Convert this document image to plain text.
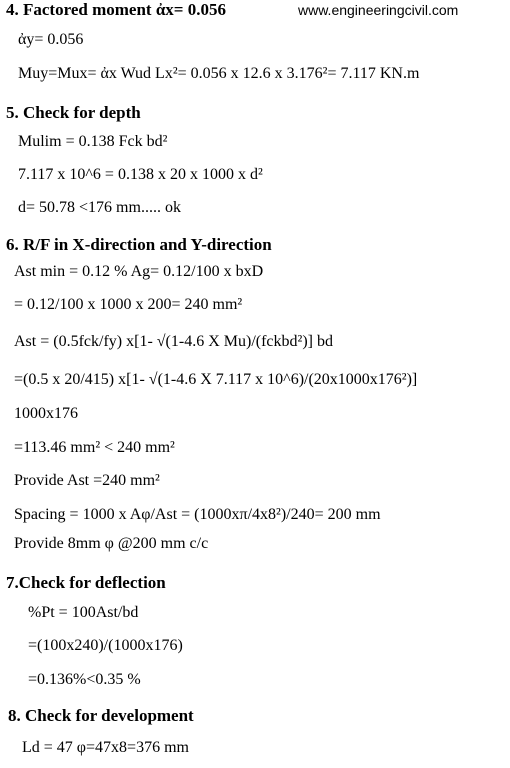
www.engineeringcivil.com
4. Factored moment ἀx= 0.056
ἀy= 0.056
Muy=Mux= ἀx Wud Lx²= 0.056 x 12.6 x 3.176²= 7.117 KN.m
5. Check for depth
Mulim = 0.138 Fck bd²
7.117 x 10^6 = 0.138 x 20 x 1000 x d²
d= 50.78 <176 mm..... ok
6. R/F in X-direction and Y-direction
Ast min = 0.12 % Ag= 0.12/100 x bxD
= 0.12/100 x 1000 x 200= 240 mm²
Ast = (0.5fck/fy) x[1- √(1-4.6 X Mu)/(fckbd²)] bd
=(0.5 x 20/415) x[1- √(1-4.6 X 7.117 x 10^6)/(20x1000x176²)]
1000x176
=113.46 mm² < 240 mm²
Provide Ast =240 mm²
Spacing = 1000 x Aφ/Ast = (1000xπ/4x8²)/240= 200 mm
Provide 8mm φ @200 mm c/c
7.Check for deflection
%Pt = 100Ast/bd
=(100x240)/(1000x176)
=0.136%<0.35 %
8. Check for development
Ld = 47 φ=47x8=376 mm
